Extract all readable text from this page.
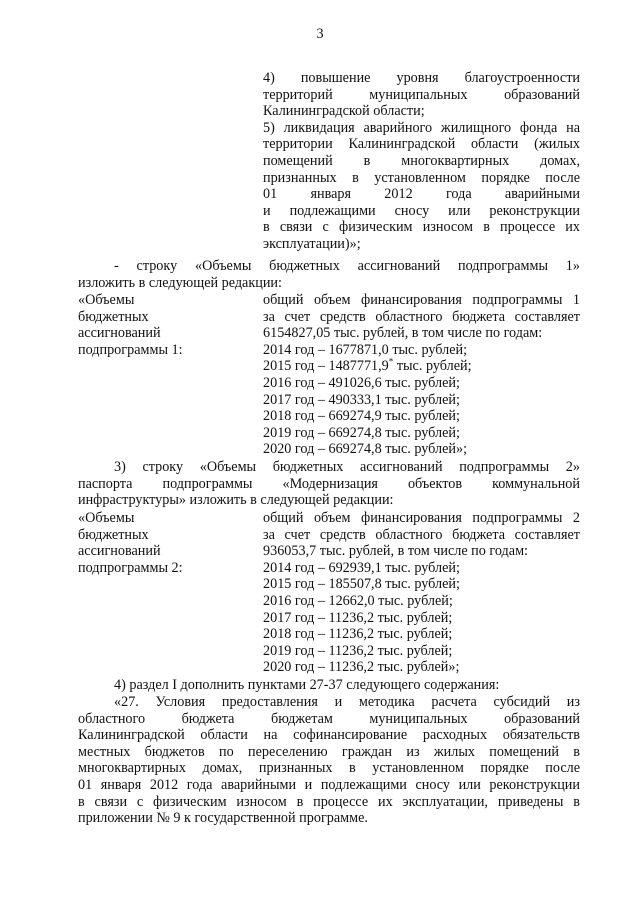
3
4) повышение уровня благоустроенности
территорий муниципальных образований
Калининградской области;
5) ликвидация аварийного жилищного фонда на
территории Калининградской области (жилых
помещений в многоквартирных домах,
признанных в установленном порядке после
01 января 2012 года аварийными
и подлежащими сносу или реконструкции
в связи с физическим износом в процессе их
эксплуатации)»;
- строку «Объемы бюджетных ассигнований подпрограммы 1»
изложить в следующей редакции:
«Объемы
бюджетных
ассигнований
подпрограммы 1:
общий объем финансирования подпрограммы 1
за счет средств областного бюджета составляет
6154827,05 тыс. рублей, в том числе по годам:
2014 год – 1677871,0 тыс. рублей;
2015 год – 1487771,9* тыс. рублей;
2016 год – 491026,6 тыс. рублей;
2017 год – 490333,1 тыс. рублей;
2018 год – 669274,9 тыс. рублей;
2019 год – 669274,8 тыс. рублей;
2020 год – 669274,8 тыс. рублей»;
3) строку «Объемы бюджетных ассигнований подпрограммы 2»
паспорта подпрограммы «Модернизация объектов коммунальной
инфраструктуры» изложить в следующей редакции:
«Объемы
бюджетных
ассигнований
подпрограммы 2:
общий объем финансирования подпрограммы 2
за счет средств областного бюджета составляет
936053,7 тыс. рублей, в том числе по годам:
2014 год – 692939,1 тыс. рублей;
2015 год – 185507,8 тыс. рублей;
2016 год – 12662,0 тыс. рублей;
2017 год – 11236,2 тыс. рублей;
2018 год – 11236,2 тыс. рублей;
2019 год – 11236,2 тыс. рублей;
2020 год – 11236,2 тыс. рублей»;
4) раздел I дополнить пунктами 27-37 следующего содержания:
«27. Условия предоставления и методика расчета субсидий из
областного бюджета бюджетам муниципальных образований
Калининградской области на софинансирование расходных обязательств
местных бюджетов по переселению граждан из жилых помещений в
многоквартирных домах, признанных в установленном порядке после
01 января 2012 года аварийными и подлежащими сносу или реконструкции
в связи с физическим износом в процессе их эксплуатации, приведены в
приложении № 9 к государственной программе.
